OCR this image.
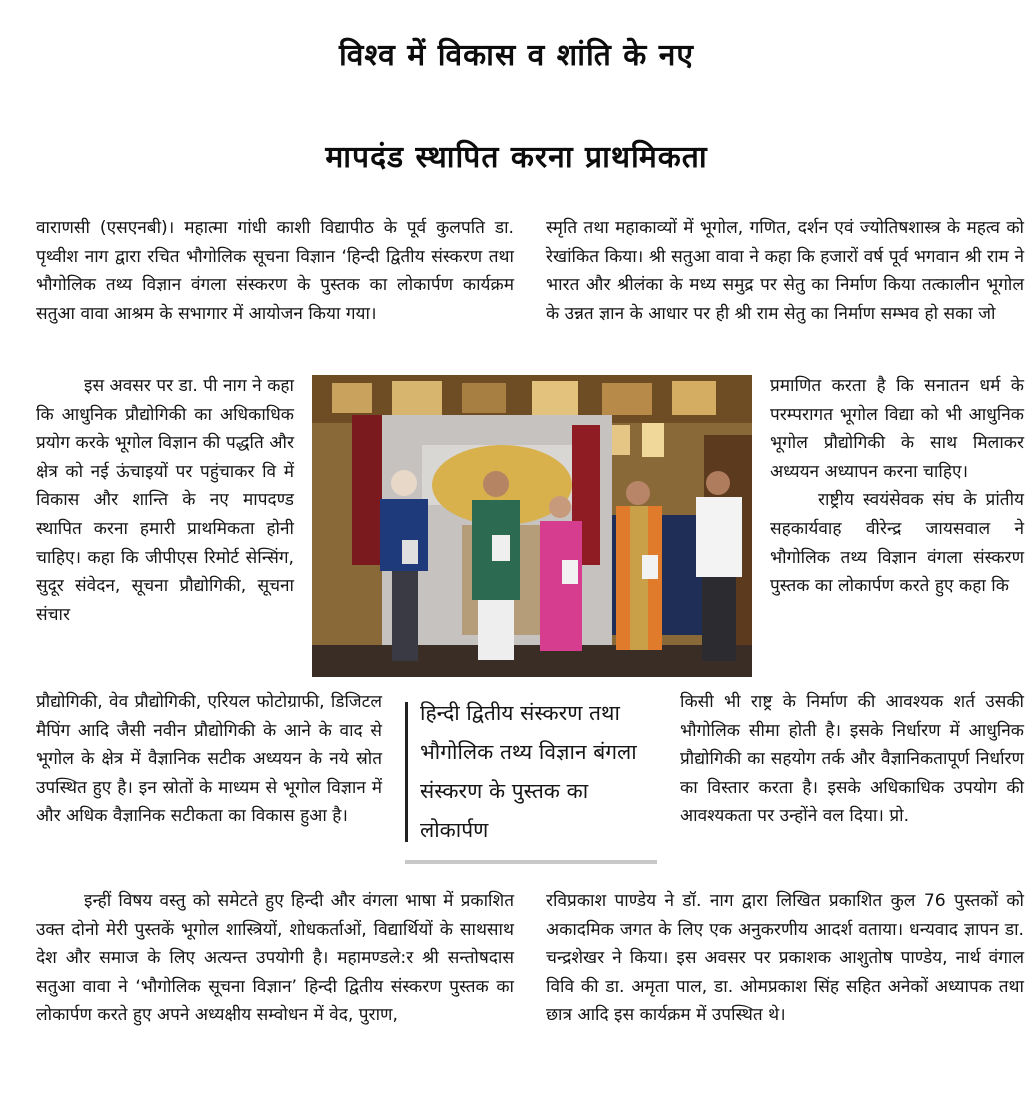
विश्व में विकास व शांति के नए
मापदंड स्थापित करना प्राथमिकता

वाराणसी (एसएनबी)। महात्मा गांधी काशी विद्यापीठ के पूर्व कुलपति डा. पृथ्वीश नाग द्वारा रचित भौगोलिक सूचना विज्ञान ‘हिन्दी द्वितीय संस्करण तथा भौगोलिक तथ्य विज्ञान वंगला संस्करण के पुस्तक का लोकार्पण कार्यक्रम सतुआ वावा आश्रम के सभागार में आयोजन किया गया।

इस अवसर पर डा. पी नाग ने कहा कि आधुनिक प्रौद्योगिकी का अधिकाधिक प्रयोग करके भूगोल विज्ञान की पद्धति और क्षेत्र को नई ऊंचाइयों पर पहुंचाकर वि में विकास और शान्ति के नए मापदण्ड स्थापित करना हमारी प्राथमिकता होनी चाहिए। कहा कि जीपीएस रिमोर्ट सेन्सिंग, सुदूर संवेदन, सूचना प्रौद्योगिकी, सूचना संचार

प्रौद्योगिकी, वेव प्रौद्योगिकी, एरियल फोटोग्राफी, डिजिटल मैपिंग आदि जैसी नवीन प्रौद्योगिकी के आने के वाद से भूगोल के क्षेत्र में वैज्ञानिक सटीक अध्ययन के नये स्रोत उपस्थित हुए है। इन स्रोतों के माध्यम से भूगोल विज्ञान में और अधिक वैज्ञानिक सटीकता का विकास हुआ है।

इन्हीं विषय वस्तु को समेटते हुए हिन्दी और वंगला भाषा में प्रकाशित उक्त दोनो मेरी पुस्तकें भूगोल शास्त्रियों, शोधकर्ताओं, विद्यार्थियों के साथसाथ देश और समाज के लिए अत्यन्त उपयोगी है। महामण्डले:र श्री सन्तोषदास सतुआ वावा ने ‘भौगोलिक सूचना विज्ञान’ हिन्दी द्वितीय संस्करण पुस्तक का लोकार्पण करते हुए अपने अध्यक्षीय सम्वोधन में वेद, पुराण,

स्मृति तथा महाकाव्यों में भूगोल, गणित, दर्शन एवं ज्योतिषशास्त्र के महत्व को रेखांकित किया। श्री सतुआ वावा ने कहा कि हजारों वर्ष पूर्व भगवान श्री राम ने भारत और श्रीलंका के मध्य समुद्र पर सेतु का निर्माण किया तत्कालीन भूगोल के उन्नत ज्ञान के आधार पर ही श्री राम सेतु का निर्माण सम्भव हो सका जो

प्रमाणित करता है कि सनातन धर्म के परम्परागत भूगोल विद्या को भी आधुनिक भूगोल प्रौद्योगिकी के साथ मिलाकर अध्ययन अध्यापन करना चाहिए।

राष्ट्रीय स्वयंसेवक संघ के प्रांतीय सहकार्यवाह वीरेन्द्र जायसवाल ने भौगोलिक तथ्य विज्ञान वंगला संस्करण पुस्तक का लोकार्पण करते हुए कहा कि

किसी भी राष्ट्र के निर्माण की आवश्यक शर्त उसकी भौगोलिक सीमा होती है। इसके निर्धारण में आधुनिक प्रौद्योगिकी का सहयोग तर्क और वैज्ञानिकतापूर्ण निर्धारण का विस्तार करता है। इसके अधिकाधिक उपयोग की आवश्यकता पर उन्होंने वल दिया। प्रो.

रविप्रकाश पाण्डेय ने डॉ. नाग द्वारा लिखित प्रकाशित कुल 76 पुस्तकों को अकादमिक जगत के लिए एक अनुकरणीय आदर्श वताया। धन्यवाद ज्ञापन डा. चन्द्रशेखर ने किया। इस अवसर पर प्रकाशक आशुतोष पाण्डेय, नार्थ वंगाल विवि की डा. अमृता पाल, डा. ओमप्रकाश सिंह सहित अनेकों अध्यापक तथा छात्र आदि इस कार्यक्रम में उपस्थित थे।

हिन्दी द्वितीय संस्करण तथा भौगोलिक तथ्य विज्ञान बंगला संस्करण के पुस्तक का लोकार्पण
